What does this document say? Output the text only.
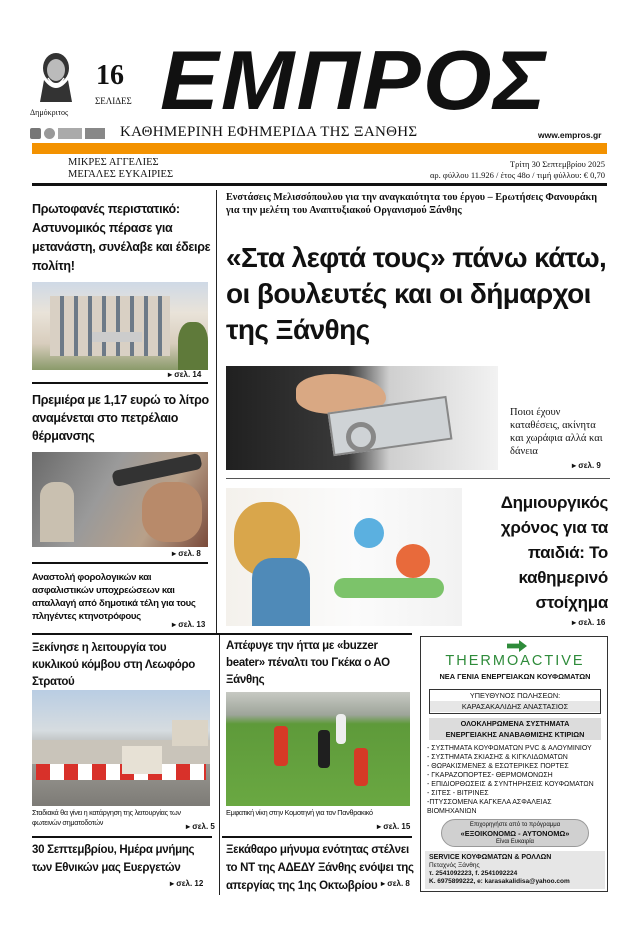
Δημόκριτος
16
ΣΕΛΙΔΕΣ ΕΜΠΡΟΣ
ΚΑΘΗΜΕΡΙΝΗ ΕΦΗΜΕΡΙΔΑ ΤΗΣ ΞΑΝΘΗΣ	www.empros.gr
ΜΙΚΡΕΣ ΑΓΓΕΛΙΕΣ
ΜΕΓΑΛΕΣ ΕΥΚΑΙΡΙΕΣ
Τρίτη 30 Σεπτεμβρίου 2025
αρ. φύλλου 11.926 / έτος 48ο / τιμή φύλλου: € 0,70
Πρωτοφανές περιστατικό: Αστυνομικός πέρασε για μετανάστη, συνέλαβε και έδειρε πολίτη!
▸ σελ. 14
Πρεμιέρα με 1,17 ευρώ το λίτρο αναμένεται στο πετρέλαιο θέρμανσης
▸ σελ. 8
Αναστολή φορολογικών και ασφαλιστικών υποχρεώσεων και απαλλαγή από δημοτικά τέλη για τους πληγέντες κτηνοτρόφους
▸ σελ. 13
Ξεκίνησε η λειτουργία του κυκλικού κόμβου στη Λεωφόρο Στρατού
Σταδιακά θα γίνει η κατάργηση της λειτουργίας των φωτεινών σηματοδοτών	▸ σελ. 5
30 Σεπτεμβρίου, Ημέρα μνήμης των Εθνικών μας Ευεργετών
▸ σελ. 12
Ενστάσεις Μελισσόπουλου για την αναγκαιότητα του έργου – Ερωτήσεις Φανουράκη για την μελέτη του Αναπτυξιακού Οργανισμού Ξάνθης
«Στα λεφτά τους» πάνω κάτω, οι βουλευτές και οι δήμαρχοι της Ξάνθης
Ποιοι έχουν καταθέσεις, ακίνητα και χωράφια αλλά και δάνεια
▸ σελ. 9
Δημιουργικός χρόνος για τα παιδιά: Το καθημερινό στοίχημα
▸ σελ. 16
Απέφυγε την ήττα με «buzzer beater» πέναλτι του Γκέκα ο ΑΟ Ξάνθης
Εμφατική νίκη στην Κομοτηνή για τον Πανθρακικό
▸ σελ. 15
Ξεκάθαρο μήνυμα ενότητας στέλνει το ΝΤ της ΑΔΕΔΥ Ξάνθης ενόψει της απεργίας της 1ης Οκτωβρίου	▸ σελ. 8
THERMOACTIVE
ΝΕΑ ΓΕΝΙΑ ΕΝΕΡΓΕΙΑΚΩΝ ΚΟΥΦΩΜΑΤΩΝ
ΥΠΕΥΘΥΝΟΣ ΠΩΛΗΣΕΩΝ:
ΚΑΡΑΣΑΚΑΛΙΔΗΣ ΑΝΑΣΤΑΣΙΟΣ
ΟΛΟΚΛΗΡΩΜΕΝΑ ΣΥΣΤΗΜΑΤΑ
ΕΝΕΡΓΕΙΑΚΗΣ ΑΝΑΒΑΘΜΙΣΗΣ ΚΤΙΡΙΩΝ
- ΣΥΣΤΗΜΑΤΑ ΚΟΥΦΩΜΑΤΩΝ PVC & ΑΛΟΥΜΙΝΙΟΥ
- ΣΥΣΤΗΜΑΤΑ ΣΚΙΑΣΗΣ & ΚΙΓΚΛΙΔΩΜΑΤΩΝ
- ΘΩΡΑΚΙΣΜΕΝΕΣ & ΕΣΩΤΕΡΙΚΕΣ ΠΟΡΤΕΣ
- ΓΚΑΡΑΖΟΠΟΡΤΕΣ- ΘΕΡΜΟΜΟΝΩΣΗ
- ΕΠΙΔΙΟΡΘΩΣΕΙΣ & ΣΥΝΤΗΡΗΣΕΙΣ ΚΟΥΦΩΜΑΤΩΝ
- ΣΙΤΕΣ - ΒΙΤΡΙΝΕΣ
-ΠΤΥΣΣΟΜΕΝΑ ΚΑΓΚΕΛΑ ΑΣΦΑΛΕΙΑΣ
ΒΙΟΜΗΧΑΝΙΩΝ
Επιχορηγήστε από το πρόγραμμα
«ΕΞΟΙΚΟΝΟΜΩ - ΑΥΤΟΝΟΜΩ»
Είναι Ευκαιρία
SERVICE ΚΟΥΦΩΜΑΤΩΝ & ΡΟΛΛΩΝ
Πεταχνός Ξάνθης
τ. 2541092223, f. 2541092224
Κ. 6975899222, e: karasakalidisa@yahoo.com
